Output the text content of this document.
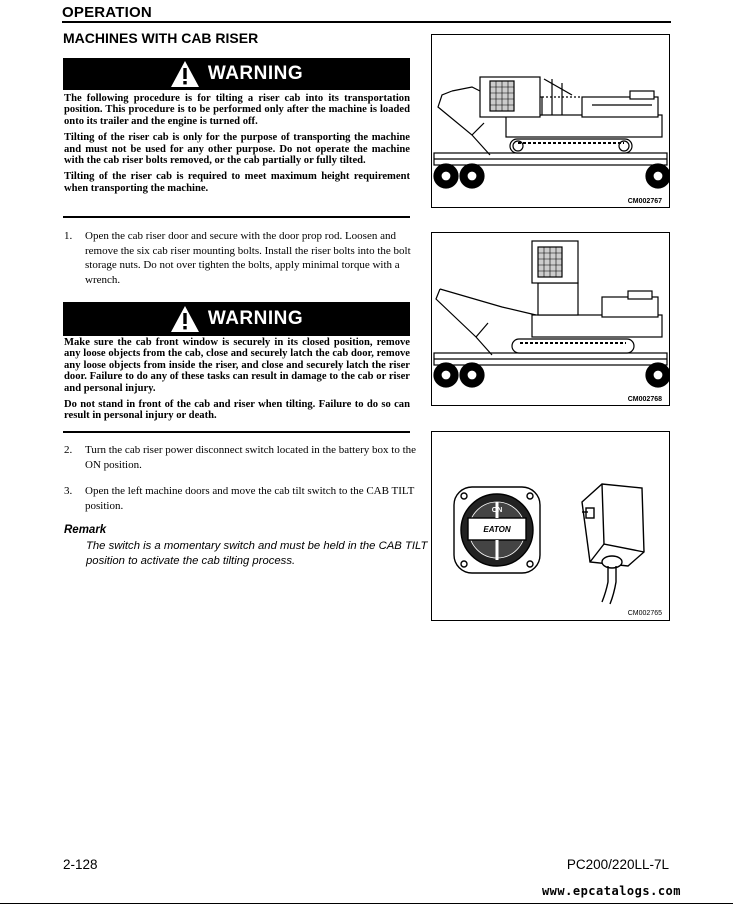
OPERATION
MACHINES WITH CAB RISER
WARNING

The following procedure is for tilting a riser cab into its transportation position. This procedure is to be performed only after the machine is loaded onto its trailer and the engine is turned off.

Tilting of the riser cab is only for the purpose of transporting the machine and must not be used for any other purpose. Do not operate the machine with the cab riser bolts removed, or the cab partially or fully tilted.

Tilting of the riser cab is required to meet maximum height requirement when transporting the machine.

1. Open the cab riser door and secure with the door prop rod. Loosen and remove the six cab riser mounting bolts. Install the riser bolts into the bolt storage nuts. Do not over tighten the bolts, apply minimal torque with a wrench.
WARNING

Make sure the cab front window is securely in its closed position, remove any loose objects from the cab, close and securely latch the cab door, remove any loose objects from inside the riser, and close and securely latch the riser door. Failure to do any of these tasks can result in damage to the cab or riser and personal injury.

Do not stand in front of the cab and riser when tilting. Failure to do so can result in personal injury or death.

2. Turn the cab riser power disconnect switch located in the battery box to the ON position.
3. Open the left machine doors and move the cab tilt switch to the CAB TILT position.
Remark
The switch is a momentary switch and must be held in the CAB TILT position to activate the cab tilting process.
CM002767
CM002768
ON
EATON
I
CM002765
2-128	PC200/220LL-7L
www.epcatalogs.com
